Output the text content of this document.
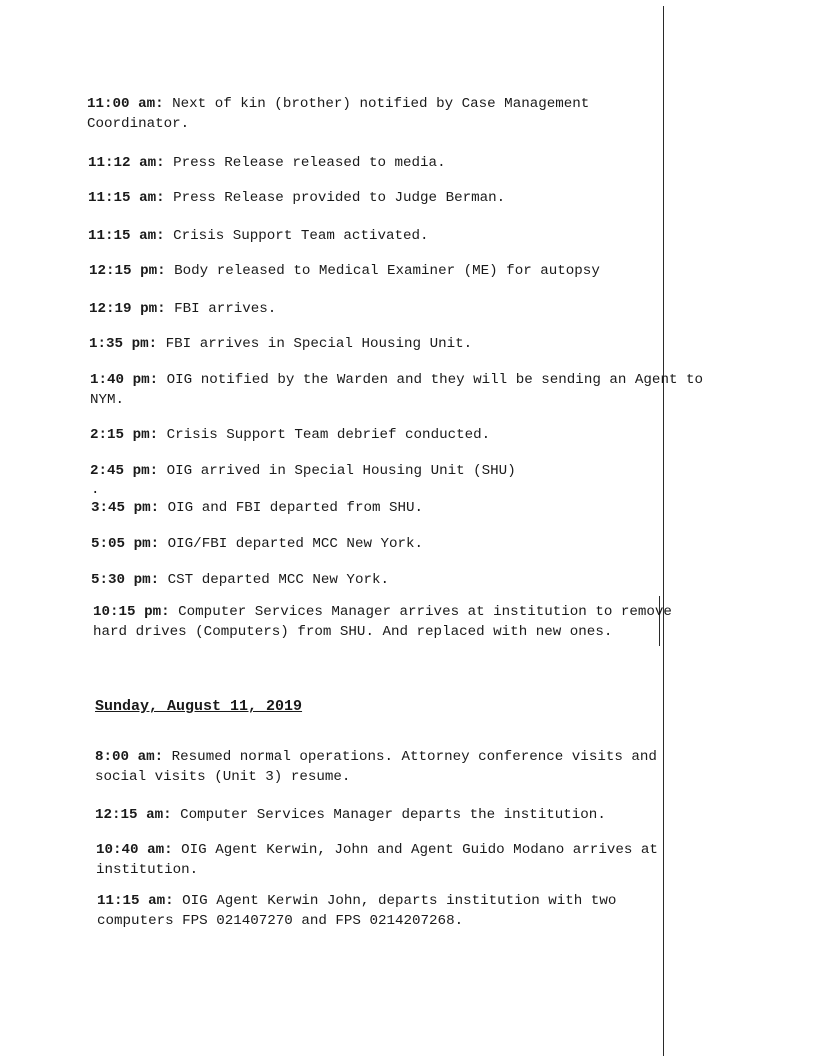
11:00 am: Next of kin (brother) notified by Case Management Coordinator.
11:12 am: Press Release released to media.
11:15 am: Press Release provided to Judge Berman.
11:15 am: Crisis Support Team activated.
12:15 pm: Body released to Medical Examiner (ME) for autopsy
12:19 pm: FBI arrives.
1:35 pm: FBI arrives in Special Housing Unit.
1:40 pm: OIG notified by the Warden and they will be sending an Agent to NYM.
2:15 pm: Crisis Support Team debrief conducted.
2:45 pm: OIG arrived in Special Housing Unit (SHU)
.
3:45 pm: OIG and FBI departed from SHU.
5:05 pm: OIG/FBI departed MCC New York.
5:30 pm: CST departed MCC New York.
10:15 pm: Computer Services Manager arrives at institution to remove hard drives (Computers) from SHU. And replaced with new ones.
Sunday, August 11, 2019
8:00 am: Resumed normal operations. Attorney conference visits and social visits (Unit 3) resume.
12:15 am: Computer Services Manager departs the institution.
10:40 am: OIG Agent Kerwin, John and Agent Guido Modano arrives at institution.
11:15 am: OIG Agent Kerwin John, departs institution with two computers FPS 021407270 and FPS 0214207268.
